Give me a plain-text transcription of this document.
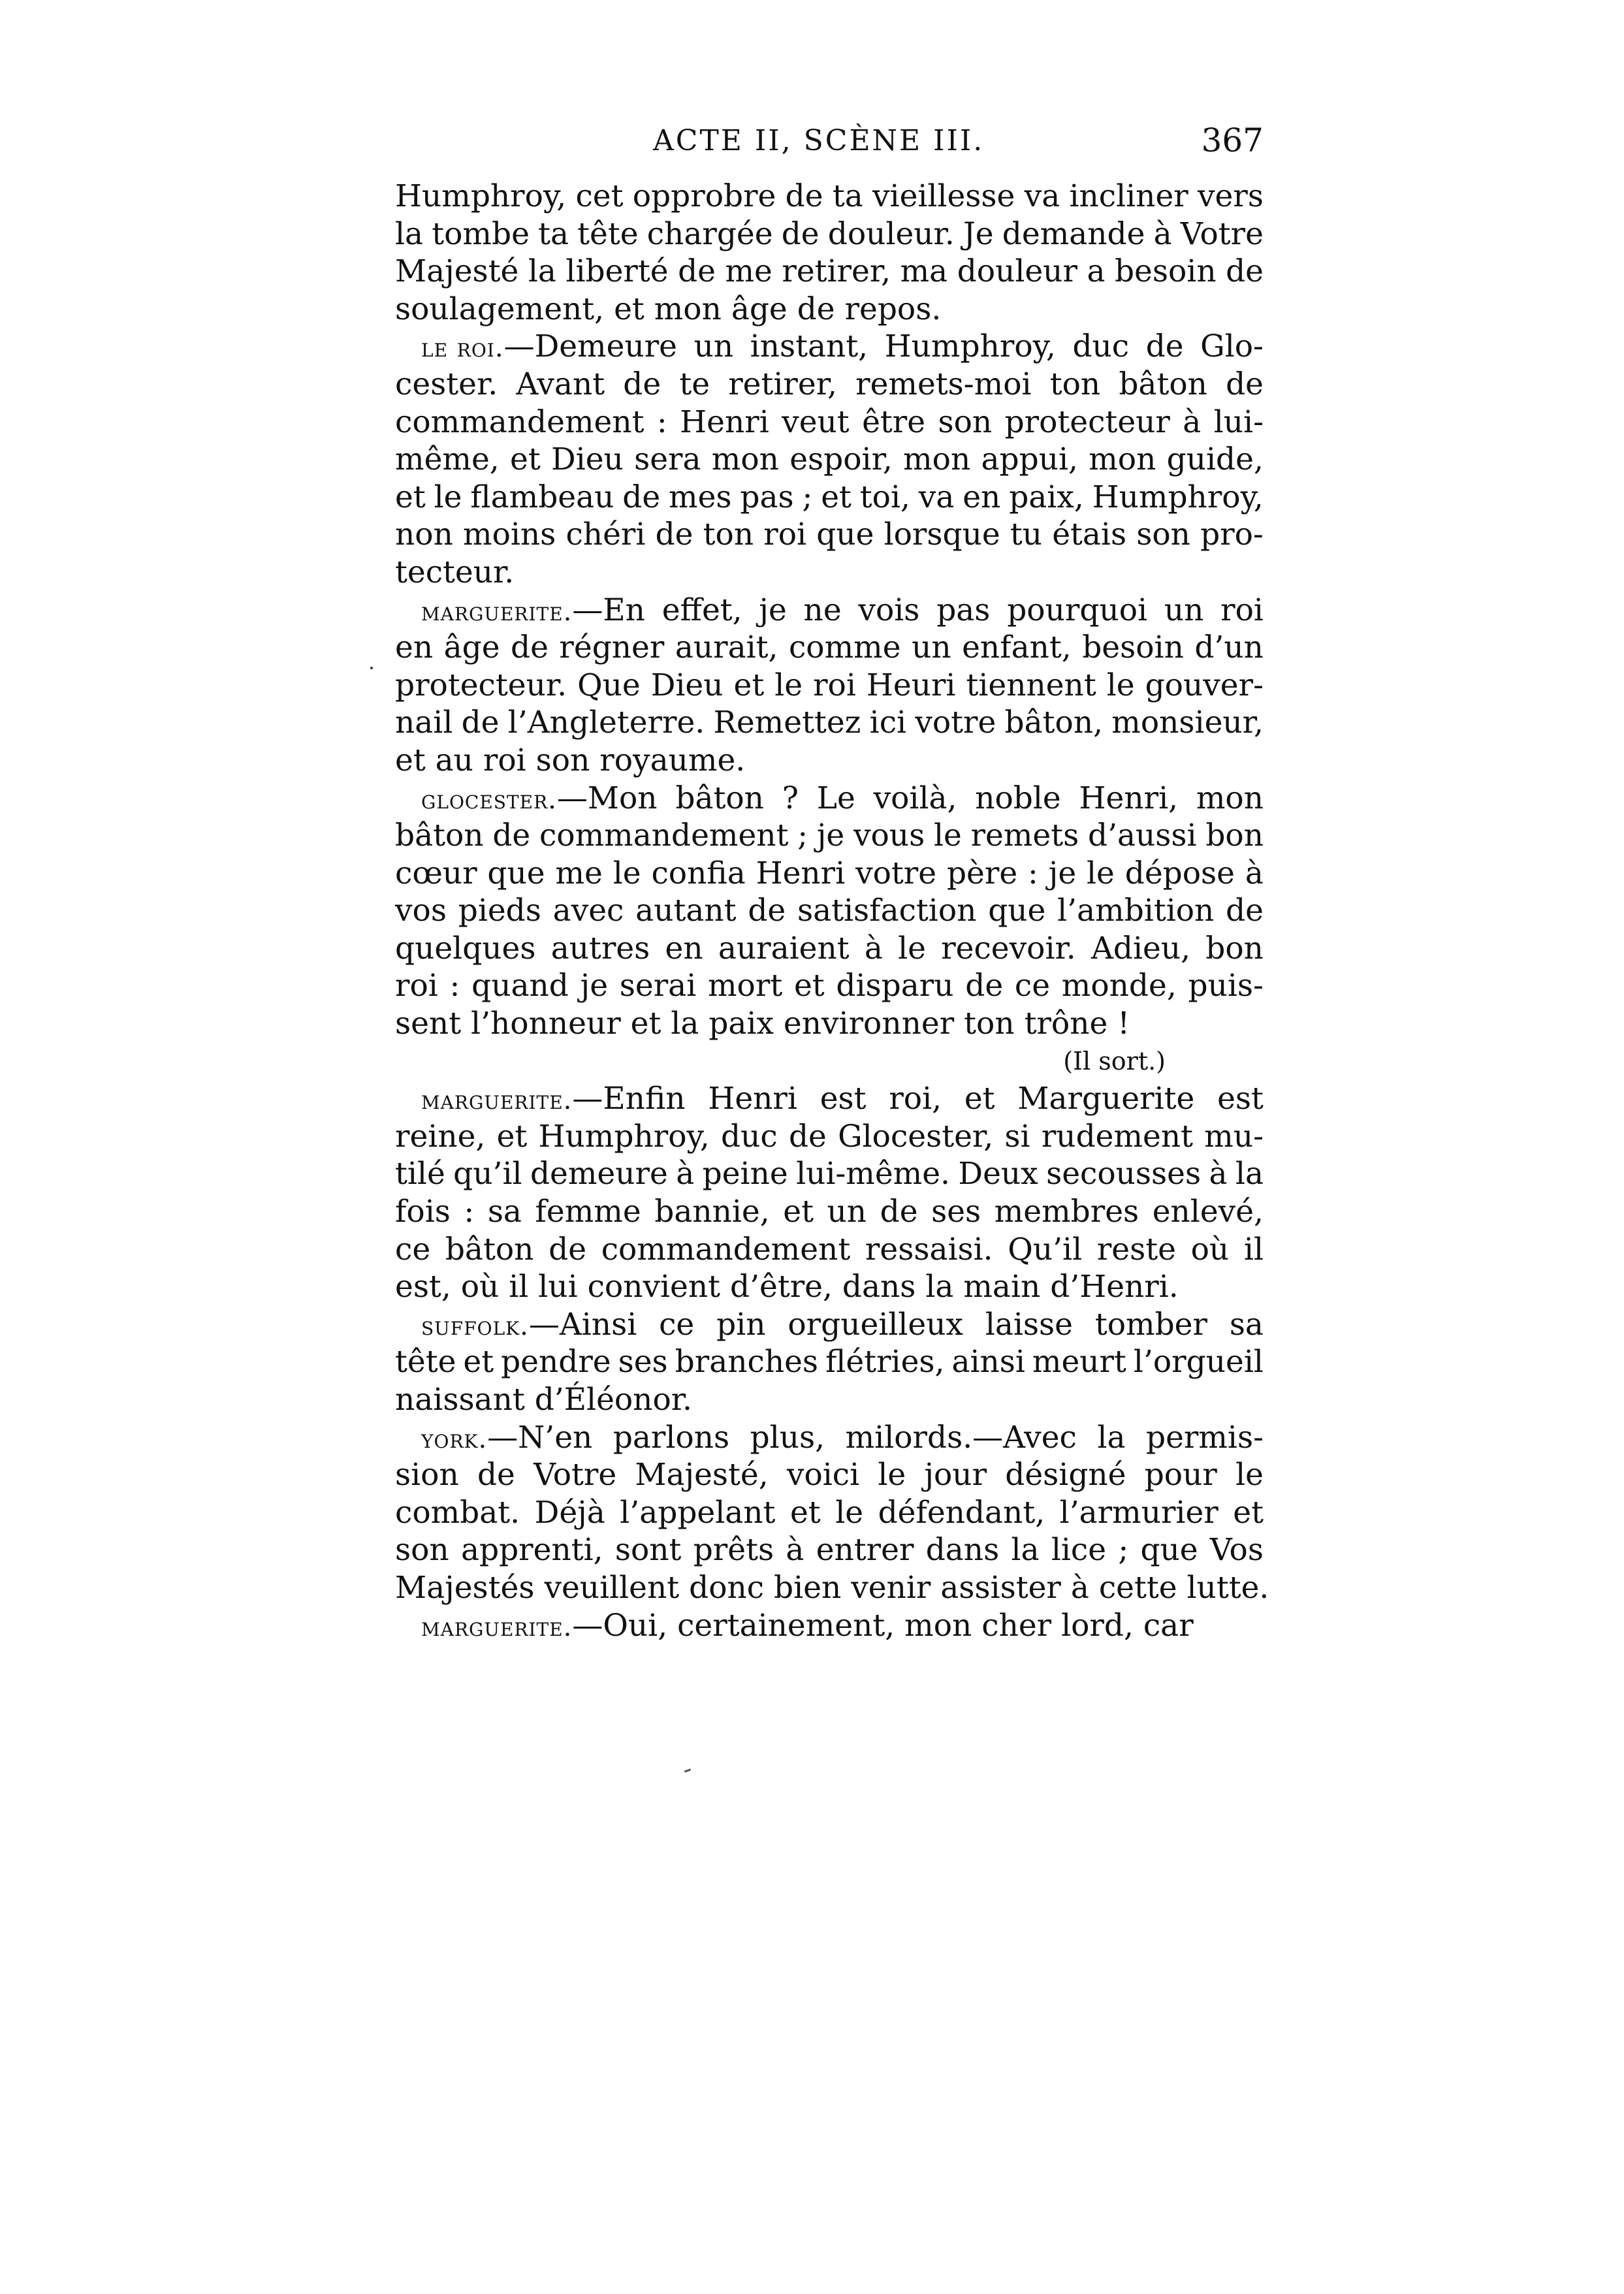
ACTE II, SCÈNE III.	367
Humphroy, cet opprobre de ta vieillesse va incliner vers
la tombe ta tête chargée de douleur. Je demande à Votre
Majesté la liberté de me retirer, ma douleur a besoin de
soulagement,
et
mon
âge
de
repos.
le roi.—Demeure un instant, Humphroy, duc de Glo-
cester. Avant de te retirer, remets-moi ton bâton de
commandement : Henri veut être son protecteur à lui-
même, et Dieu sera mon espoir, mon appui, mon guide,
et le flambeau de mes pas ; et toi, va en paix, Humphroy,
non moins chéri de ton roi que lorsque tu étais son pro-
tecteur.
marguerite.—En effet, je ne vois pas pourquoi un roi
en âge de régner aurait, comme un enfant, besoin d’un
protecteur. Que Dieu et le roi Heuri tiennent le gouver-
nail de l’Angleterre. Remettez ici votre bâton, monsieur,
et
au
roi
son
royaume.
glocester.—Mon bâton ? Le voilà, noble Henri, mon
bâton de commandement ; je vous le remets d’aussi bon
cœur que me le confia Henri votre père : je le dépose à
vos pieds avec autant de satisfaction que l’ambition de
quelques autres en auraient à le recevoir. Adieu, bon
roi : quand je serai mort et disparu de ce monde, puis-
sent
l’honneur
et
la
paix
environner
ton
trône
!
(Il sort.)
marguerite.—Enfin Henri est roi, et Marguerite est
reine, et Humphroy, duc de Glocester, si rudement mu-
tilé qu’il demeure à peine lui-même. Deux secousses à la
fois : sa femme bannie, et un de ses membres enlevé,
ce bâton de commandement ressaisi. Qu’il reste où il
est,
où
il
lui
convient
d’être,
dans
la
main
d’Henri.
suffolk.—Ainsi ce pin orgueilleux laisse tomber sa
tête et pendre ses branches flétries, ainsi meurt l’orgueil
naissant
d’Éléonor.
york.—N’en parlons plus, milords.—Avec la permis-
sion de Votre Majesté, voici le jour désigné pour le
combat. Déjà l’appelant et le défendant, l’armurier et
son apprenti, sont prêts à entrer dans la lice ; que Vos
Majestés
veuillent
donc
bien
venir
assister
à
cette
lutte.
marguerite.—Oui,
certainement,
mon
cher
lord,
car
